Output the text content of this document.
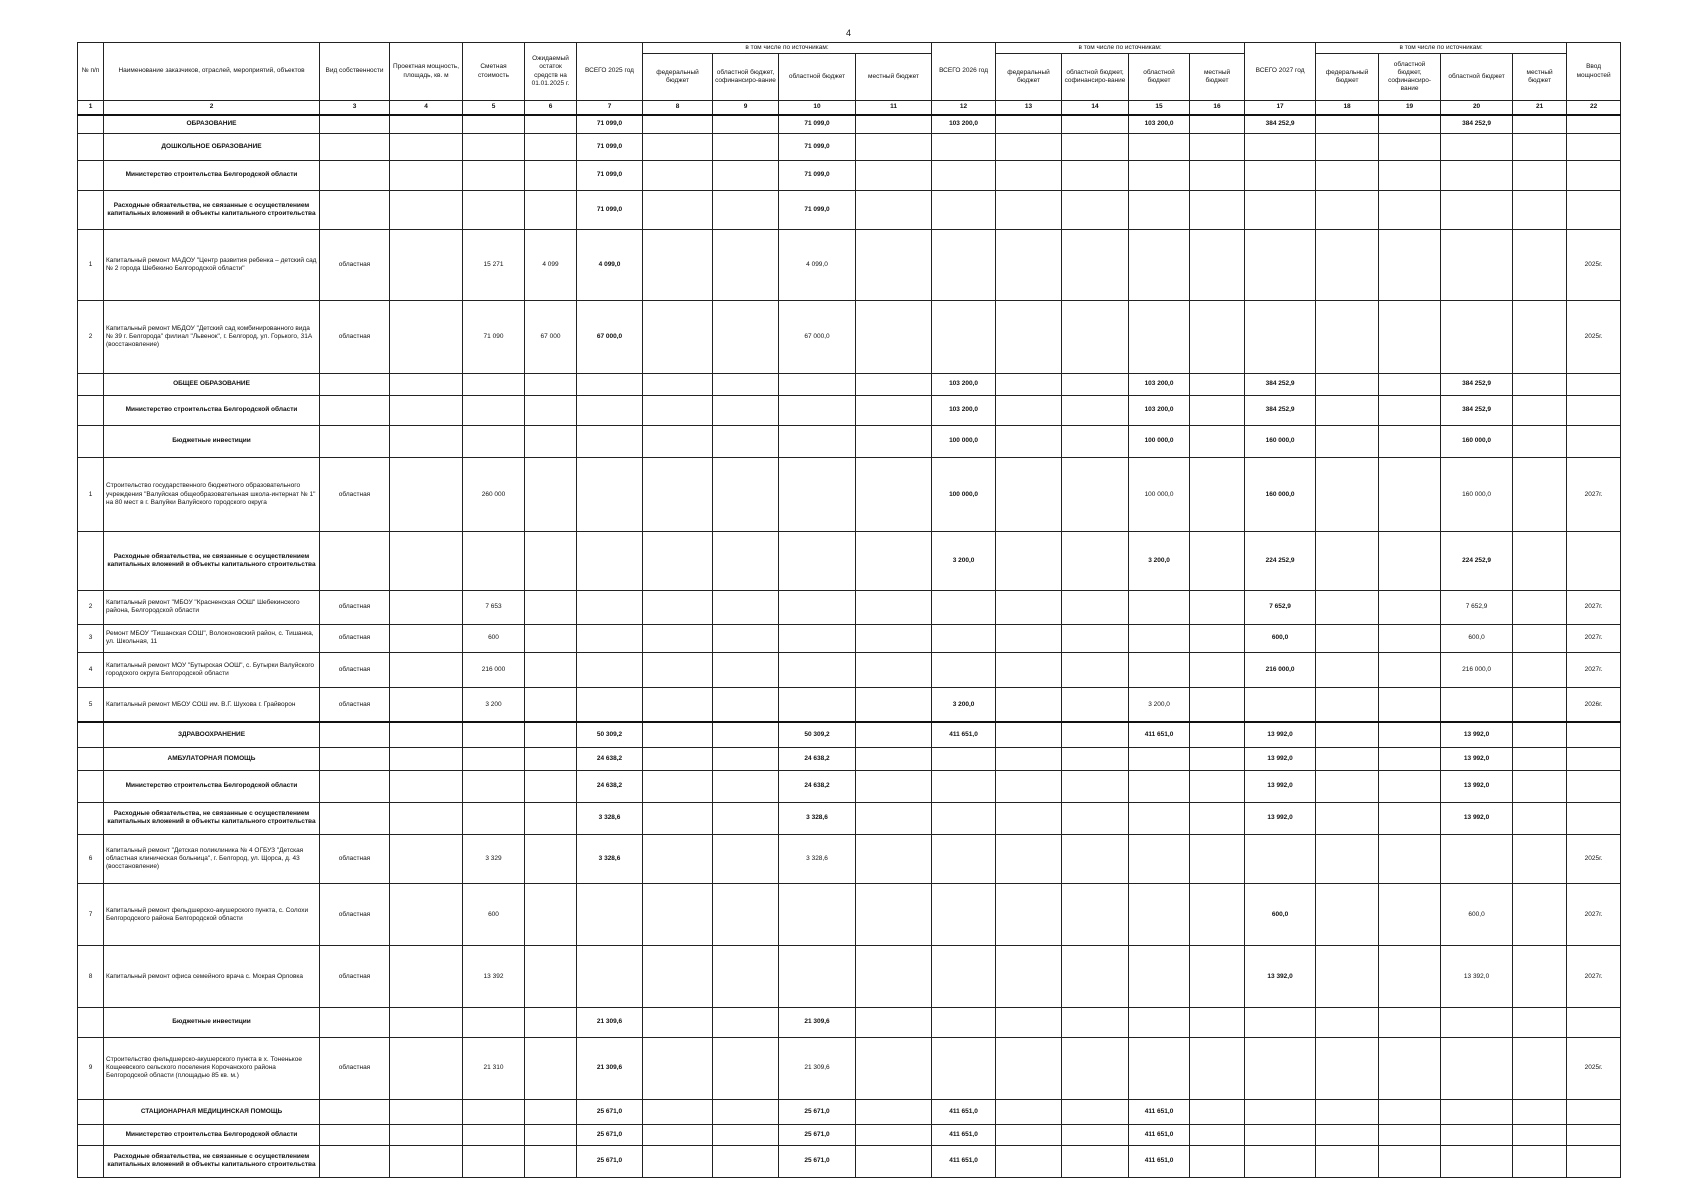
4
№ п/п	Наименование заказчиков, отраслей, мероприятий, объектов	Вид собственности	Проектная мощность, площадь, кв. м	Сметная стоимость	Ожидаемый остаток средств на 01.01.2025 г.	ВСЕГО 2025 год	в том числе по источникам:				ВСЕГО 2026 год	в том числе по источникам:				ВСЕГО 2027 год	в том числе по источникам:				Ввод мощностей
							федеральный бюджет	областной бюджет, софинансиро-вание	областной бюджет	местный бюджет		федеральный бюджет	областной бюджет, софинансиро-вание	областной бюджет	местный бюджет		федеральный бюджет	областной бюджет, софинансиро-вание	областной бюджет	местный бюджет	
1	2	3	4	5	6	7	8	9	10	11	12	13	14	15	16	17	18	19	20	21	22
	ОБРАЗОВАНИЕ					71 099,0			71 099,0		103 200,0			103 200,0		384 252,9			384 252,9		
	ДОШКОЛЬНОЕ ОБРАЗОВАНИЕ					71 099,0			71 099,0												
	Министерство строительства Белгородской области					71 099,0			71 099,0												
	Расходные обязательства, не связанные с осуществлением капитальных вложений в объекты капитального строительства					71 099,0			71 099,0												
1	Капитальный ремонт МАДОУ "Центр развития ребенка – детский сад № 2 города Шебекино Белгородской области"	областная		15 271	4 099	4 099,0			4 099,0												2025г.
2	Капитальный ремонт МБДОУ "Детский сад комбинированного вида № 39 г. Белгорода" филиал "Львенок", г. Белгород, ул. Горького, 31А (восстановление)	областная		71 090	67 000	67 000,0			67 000,0												2025г.
	ОБЩЕЕ ОБРАЗОВАНИЕ										103 200,0			103 200,0		384 252,9			384 252,9		
	Министерство строительства Белгородской области										103 200,0			103 200,0		384 252,9			384 252,9		
	Бюджетные инвестиции										100 000,0			100 000,0		160 000,0			160 000,0		
1	Строительство государственного бюджетного образовательного учреждения "Валуйская общеобразовательная школа-интернат № 1" на 80 мест в г. Валуйки Валуйского городского округа	областная		260 000							100 000,0			100 000,0		160 000,0			160 000,0		2027г.
	Расходные обязательства, не связанные с осуществлением капитальных вложений в объекты капитального строительства										3 200,0			3 200,0		224 252,9			224 252,9		
2	Капитальный ремонт "МБОУ "Красненская ООШ" Шебекинского района, Белгородской области	областная		7 653												7 652,9			7 652,9		2027г.
3	Ремонт МБОУ "Тишанская СОШ", Волоконовский район, с. Тишанка, ул. Школьная, 11	областная		600												600,0			600,0		2027г.
4	Капитальный ремонт МОУ "Бутырская ООШ", с. Бутырки Валуйского городского округа Белгородской области	областная		216 000												216 000,0			216 000,0		2027г.
5	Капитальный ремонт МБОУ СОШ им. В.Г. Шухова г. Грайворон	областная		3 200							3 200,0			3 200,0							2026г.
	ЗДРАВООХРАНЕНИЕ					50 309,2			50 309,2		411 651,0			411 651,0		13 992,0			13 992,0		
	АМБУЛАТОРНАЯ ПОМОЩЬ					24 638,2			24 638,2							13 992,0			13 992,0		
	Министерство строительства Белгородской области					24 638,2			24 638,2							13 992,0			13 992,0		
	Расходные обязательства, не связанные с осуществлением капитальных вложений в объекты капитального строительства					3 328,6			3 328,6							13 992,0			13 992,0		
6	Капитальный ремонт "Детская поликлиника № 4 ОГБУЗ "Детская областная клиническая больница", г. Белгород, ул. Щорса, д. 43 (восстановление)	областная		3 329		3 328,6			3 328,6												2025г.
7	Капитальный ремонт фельдшерско-акушерского пункта, с. Солохи Белгородского района Белгородской области	областная		600												600,0			600,0		2027г.
8	Капитальный ремонт офиса семейного врача с. Мокрая Орловка	областная		13 392												13 392,0			13 392,0		2027г.
	Бюджетные инвестиции					21 309,6			21 309,6												
9	Строительство фельдшерско-акушерского пункта в х. Тоненькое Кощеевского сельского поселения Корочанского района Белгородской области (площадью 85 кв. м.)	областная		21 310		21 309,6			21 309,6												2025г.
	СТАЦИОНАРНАЯ МЕДИЦИНСКАЯ ПОМОЩЬ					25 671,0			25 671,0		411 651,0			411 651,0							
	Министерство строительства Белгородской области					25 671,0			25 671,0		411 651,0			411 651,0							
	Расходные обязательства, не связанные с осуществлением капитальных вложений в объекты капитального строительства					25 671,0			25 671,0		411 651,0			411 651,0							
